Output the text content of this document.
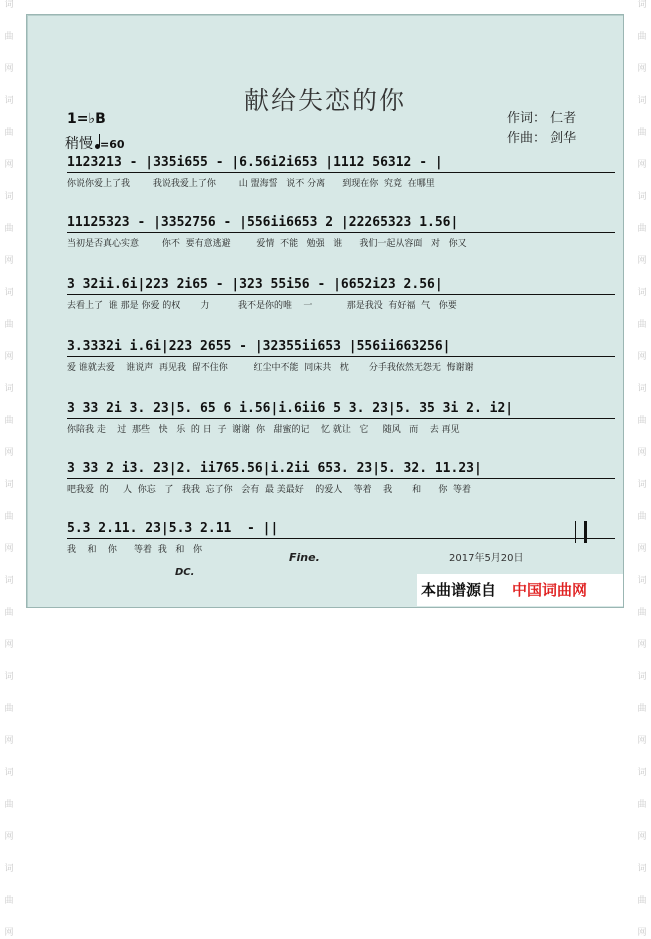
词
曲
网
词
曲
网
词
曲
网
词
曲
网
词
曲
网
词
曲
网
词
曲
网
词
曲
网
词
曲
网
词
曲
网
词
曲
网
词
曲
网
词
曲
网
词
曲
网
词
曲
网
词
曲
网
词
曲
网
词
曲
网
词
曲
网
词
曲
网
献给失恋的你
1=♭B
稍慢 =60
作词： 仁者
作曲： 剑华
1123213 - |335i655 - |6.56i2i653 |1112 56312 - |
你说你爱上了我        我说我爱上了你        山 盟海誓   说不 分离      到现在你  究竟  在哪里
11125323 - |3352756 - |556ii6653 2 |22265323 1.56|
当初是否真心实意        你不  要有意逃避         爱情  不能   勉强   谁      我们一起从容面   对   你又
3 32ii.6i|223 2i65 - |323 55i56 - |6652i23 2.56|
去看上了  谁 那是 你爱 的权       力          我不是你的唯    一            那是我没  有好福  气   你要
3.3332i i.6i|223 2655 - |32355ii653 |556ii663256|
爱 谁就去爱    谁说声  再见我  留不住你         红尘中不能  同床共   枕       分手我依然无怨无  悔谢谢
3 33 2i 3. 23|5. 65 6 i.56|i.6ii6 5 3. 23|5. 35 3i 2. i2|
你陪我 走    过  那些   快   乐  的 日  子  谢谢  你   甜蜜的记    忆 就让   它     随风   而    去 再见
3 33 2 i3. 23|2. ii765.56|i.2ii 653. 23|5. 32. 11.23|
吧我爱  的     人  你忘   了   我我  忘了你   会有  最 美最好    的爱人    等着    我       和      你  等着
5.3 2.11. 23|5.3 2.11  - ||
我    和    你      等着  我   和   你
Fine.
DC.
2017年5月20日
本曲谱源自 中国词曲网
